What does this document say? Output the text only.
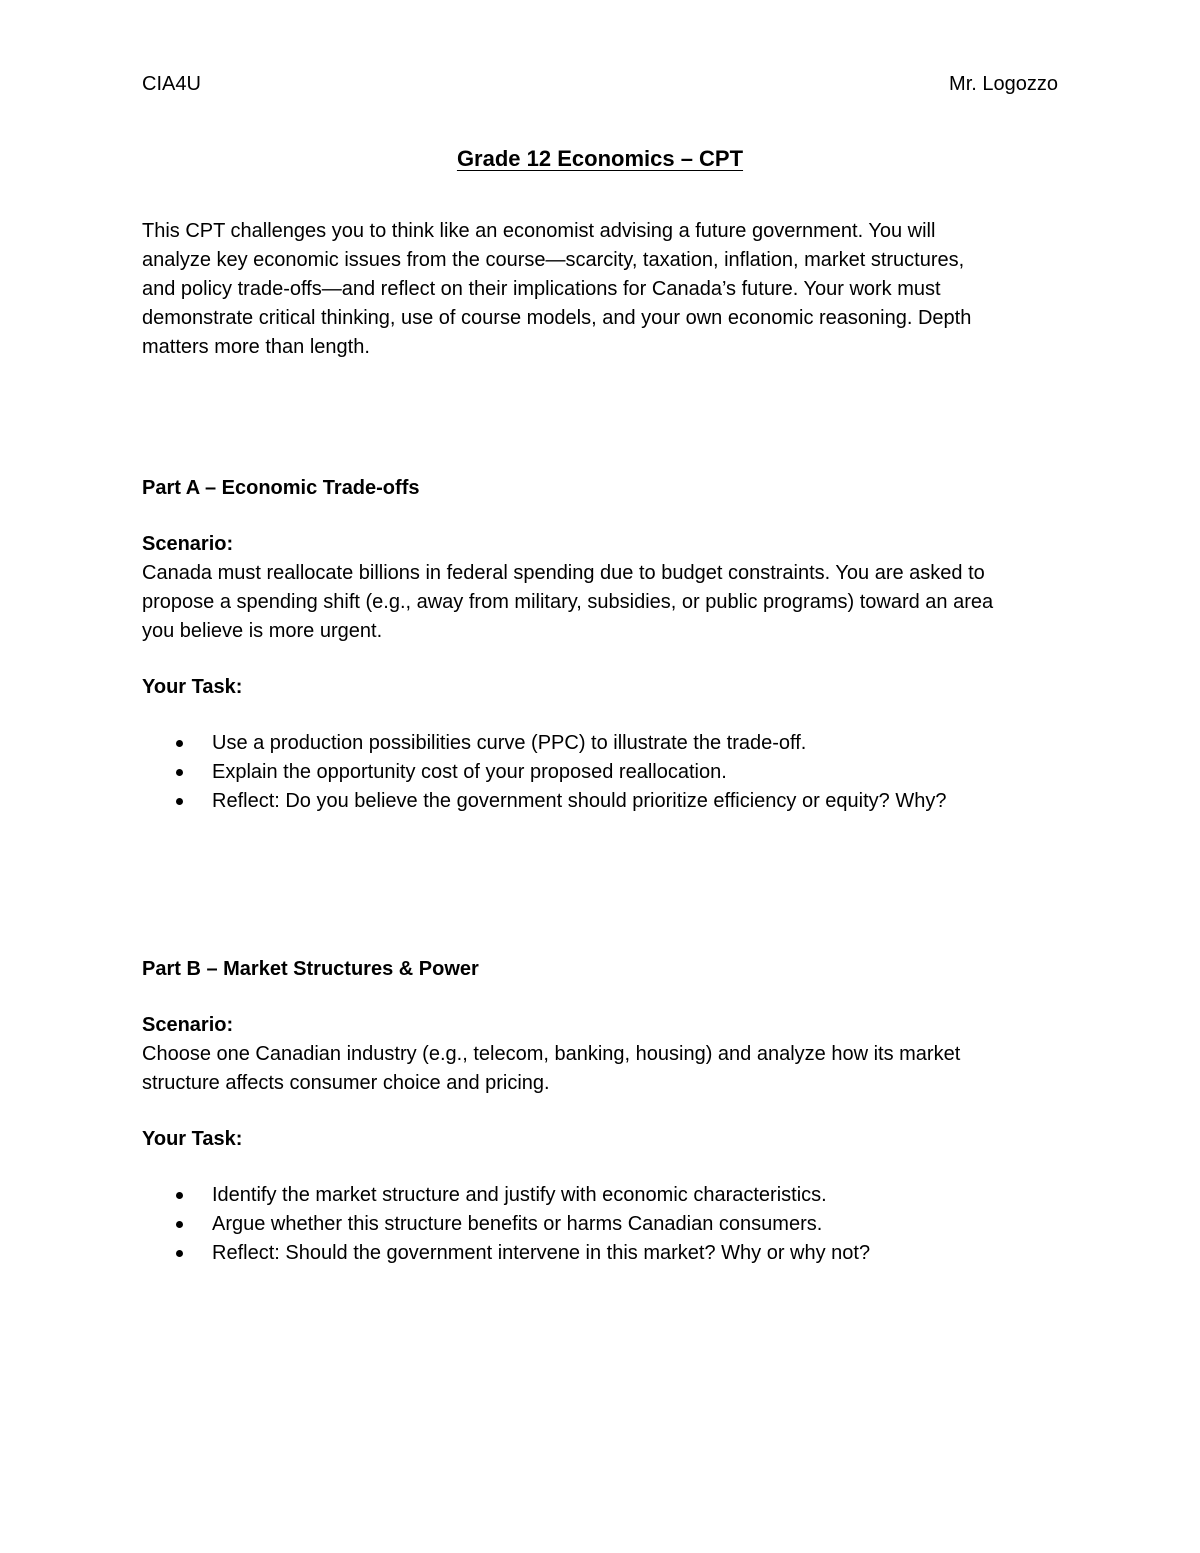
CIA4U	Mr. Logozzo
Grade 12 Economics – CPT
This CPT challenges you to think like an economist advising a future government. You will
analyze key economic issues from the course—scarcity, taxation, inflation, market structures,
and policy trade-offs—and reflect on their implications for Canada’s future. Your work must
demonstrate critical thinking, use of course models, and your own economic reasoning. Depth
matters more than length.

Part A – Economic Trade-offs

Scenario:

Canada must reallocate billions in federal spending due to budget constraints. You are asked to
propose a spending shift (e.g., away from military, subsidies, or public programs) toward an area
you believe is more urgent.

Your Task:

Use a production possibilities curve (PPC) to illustrate the trade-off.
Explain the opportunity cost of your proposed reallocation.
Reflect: Do you believe the government should prioritize efficiency or equity? Why?

Part B – Market Structures & Power

Scenario:

Choose one Canadian industry (e.g., telecom, banking, housing) and analyze how its market
structure affects consumer choice and pricing.

Your Task:

Identify the market structure and justify with economic characteristics.
Argue whether this structure benefits or harms Canadian consumers.
Reflect: Should the government intervene in this market? Why or why not?
